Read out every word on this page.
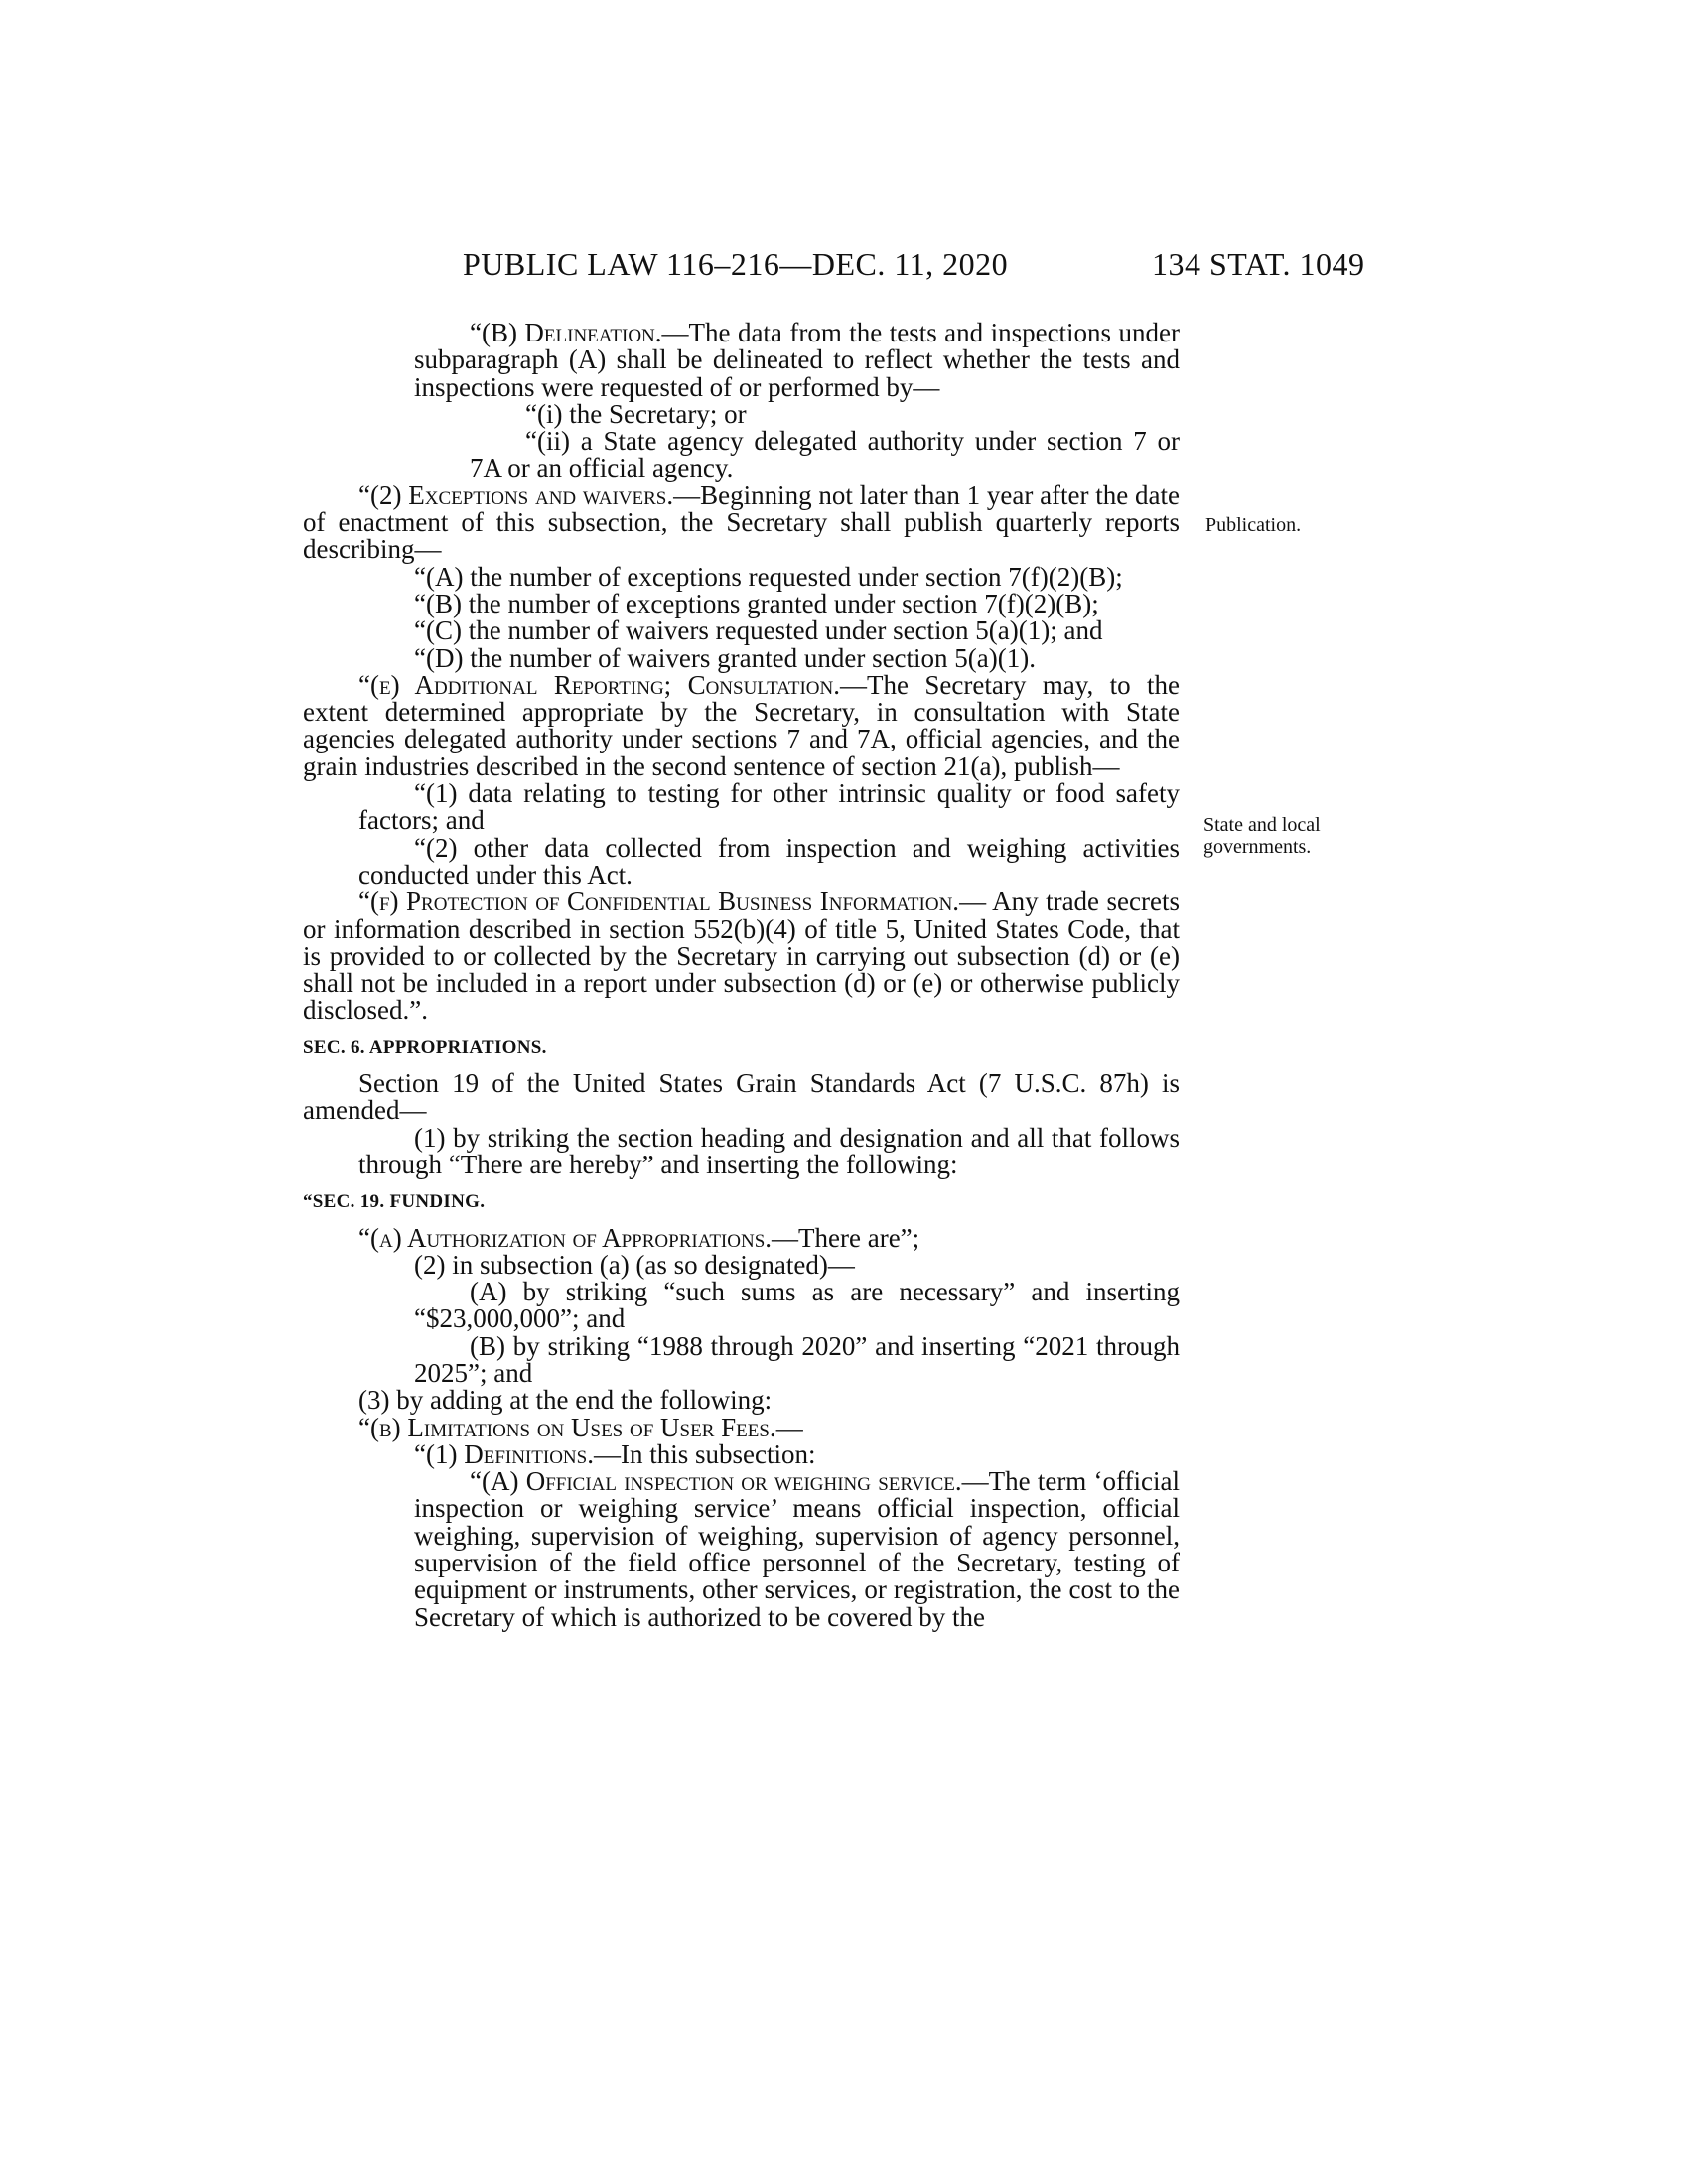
PUBLIC LAW 116–216—DEC. 11, 2020	134 STAT. 1049
Publication.
State and local
governments.

“(B) Delineation.—The data from the tests and inspections under subparagraph (A) shall be delineated to reflect whether the tests and inspections were requested of or performed by—

“(i) the Secretary; or

“(ii) a State agency delegated authority under section 7 or 7A or an official agency.

“(2) Exceptions and waivers.—Beginning not later than 1 year after the date of enactment of this subsection, the Secretary shall publish quarterly reports describing—

“(A) the number of exceptions requested under section 7(f)(2)(B);

“(B) the number of exceptions granted under section 7(f)(2)(B);

“(C) the number of waivers requested under section 5(a)(1); and

“(D) the number of waivers granted under section 5(a)(1).

“(e) Additional Reporting; Consultation.—The Secretary may, to the extent determined appropriate by the Secretary, in consultation with State agencies delegated authority under sections 7 and 7A, official agencies, and the grain industries described in the second sentence of section 21(a), publish—

“(1) data relating to testing for other intrinsic quality or food safety factors; and

“(2) other data collected from inspection and weighing activities conducted under this Act.

“(f) Protection of Confidential Business Information.— Any trade secrets or information described in section 552(b)(4) of title 5, United States Code, that is provided to or collected by the Secretary in carrying out subsection (d) or (e) shall not be included in a report under subsection (d) or (e) or otherwise publicly disclosed.”.

SEC. 6. APPROPRIATIONS.

Section 19 of the United States Grain Standards Act (7 U.S.C. 87h) is amended—

(1) by striking the section heading and designation and all that follows through “There are hereby” and inserting the following:

“SEC. 19. FUNDING.

“(a) Authorization of Appropriations.—There are”;

(2) in subsection (a) (as so designated)—

(A) by striking “such sums as are necessary” and inserting “$23,000,000”; and

(B) by striking “1988 through 2020” and inserting “2021 through 2025”; and

(3) by adding at the end the following:

“(b) Limitations on Uses of User Fees.—

“(1) Definitions.—In this subsection:

“(A) Official inspection or weighing service.—The term ‘official inspection or weighing service’ means official inspection, official weighing, supervision of weighing, supervision of agency personnel, supervision of the field office personnel of the Secretary, testing of equipment or instruments, other services, or registration, the cost to the Secretary of which is authorized to be covered by the
